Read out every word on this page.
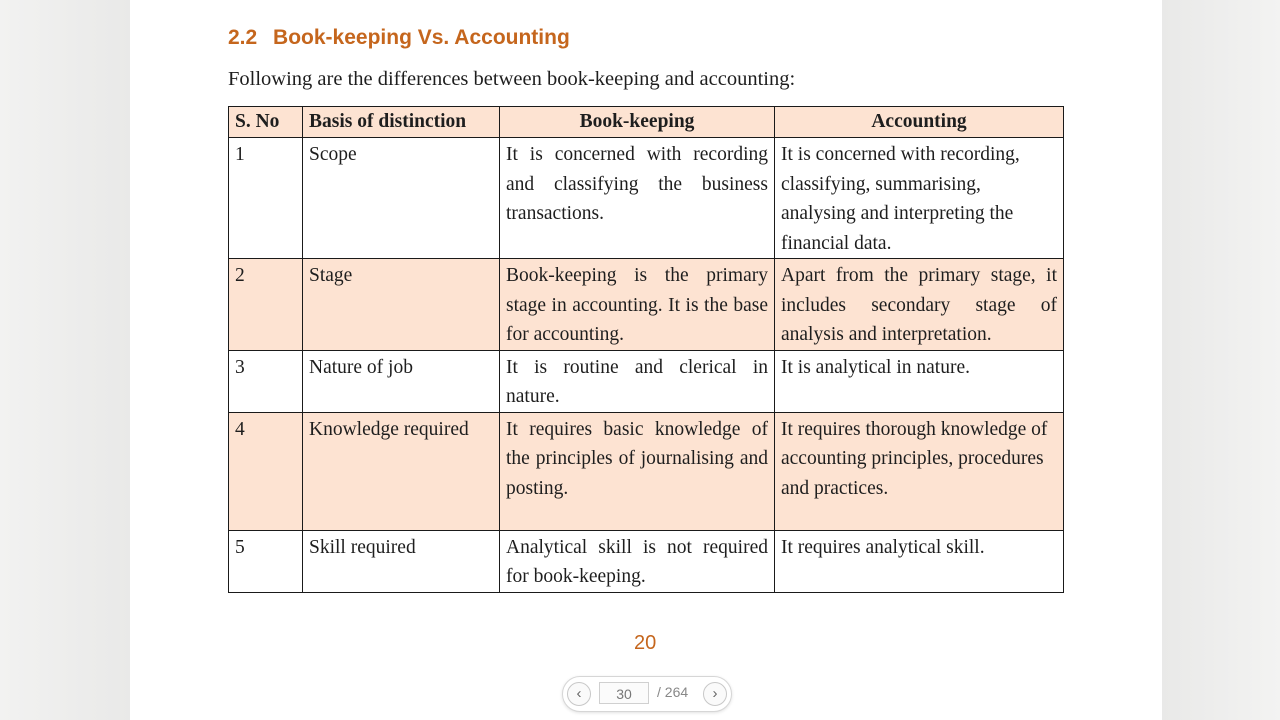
2.2 Book-keeping Vs. Accounting
Following are the differences between book-keeping and accounting:
S. No	Basis of distinction	Book-keeping	Accounting
1	Scope	It is concerned with recording and classifying the business transactions.	It is concerned with recording, classifying, summarising, analysing and interpreting the financial data.
2	Stage	Book-keeping is the primary stage in accounting. It is the base for accounting.	Apart from the primary stage, it includes secondary stage of analysis and interpretation.
3	Nature of job	It is routine and clerical in nature.	It is analytical in nature.
4	Knowledge required	It requires basic knowledge of the principles of journalising and posting.	It requires thorough knowledge of accounting principles, procedures and practices.
5	Skill required	Analytical skill is not required for book-keeping.	It requires analytical skill.
20
‹	30	/ 264	›
